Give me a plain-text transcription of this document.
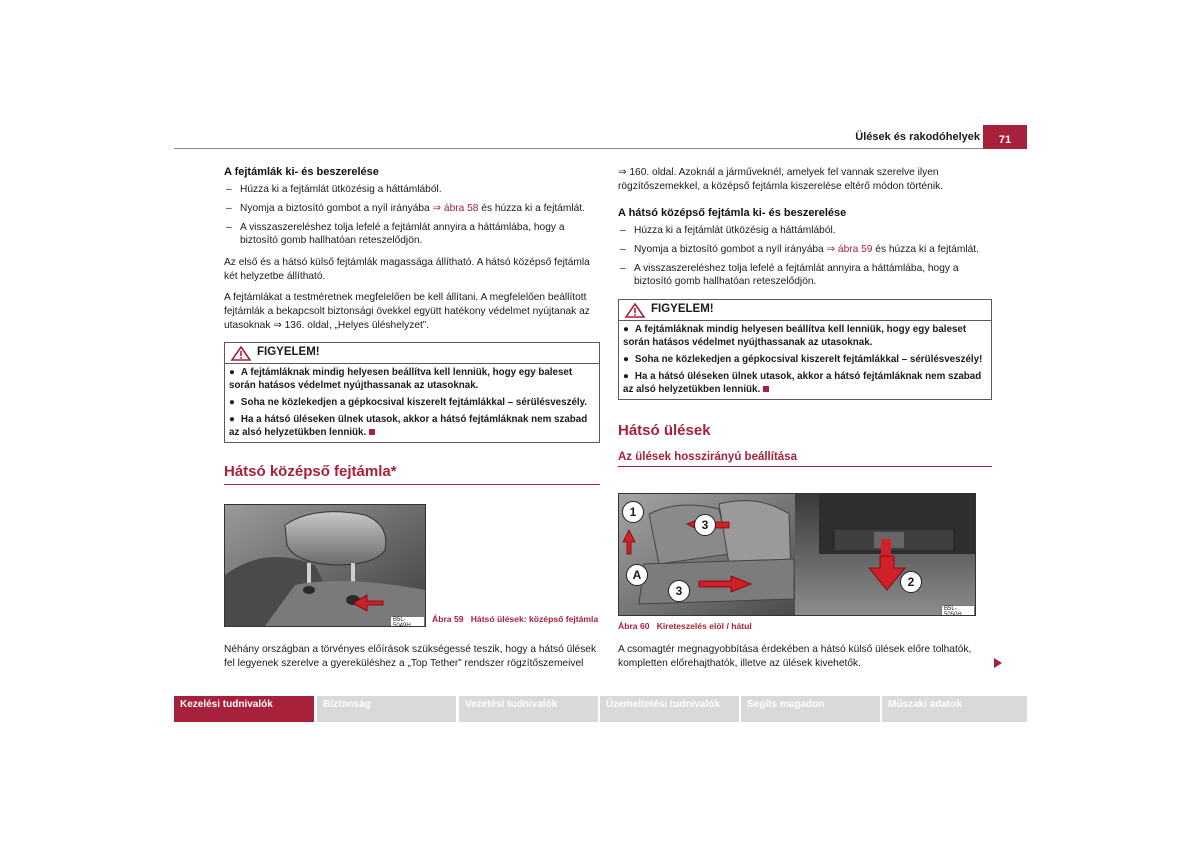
Ülések és rakodóhelyek	71
A fejtámlák ki- és beszerelése
– Húzza ki a fejtámlát ütközésig a háttámlából.
– Nyomja a biztosító gombot a nyíl irányába ⇒ ábra 58 és húzza ki a fejtámlát.
– A visszaszereléshez tolja lefelé a fejtámlát annyira a háttámlába, hogy a biztosító gomb hallhatóan reteszelődjön.

Az első és a hátsó külső fejtámlák magassága állítható. A hátsó középső fejtámla két helyzetbe állítható.

A fejtámlákat a testméretnek megfelelően be kell állítani. A megfelelően beállított fejtámlák a bekapcsolt biztonsági övekkel együtt hatékony védelmet nyújtanak az utasoknak ⇒ 136. oldal, „Helyes üléshelyzet”.

FIGYELEM!

● A fejtámláknak mindig helyesen beállítva kell lenniük, hogy egy baleset során hatásos védelmet nyújthassanak az utasoknak.

● Soha ne közlekedjen a gépkocsival kiszerelt fejtámlákkal – sérülésveszély.

● Ha a hátsó üléseken ülnek utasok, akkor a hátsó fejtámláknak nem szabad az alsó helyzetükben lenniük.

Hátsó középső fejtámla*
B5L-5049H
Ábra 59 Hátsó ülések: középső fejtámla

Néhány országban a törvényes előírások szükségessé teszik, hogy a hátsó ülések fel legyenek szerelve a gyereküléshez a „Top Tether” rendszer rögzítőszemeivel

⇒ 160. oldal. Azoknál a járműveknél, amelyek fel vannak szerelve ilyen rögzítőszemekkel, a középső fejtámla kiszerelése eltérő módon történik.

A hátsó középső fejtámla ki- és beszerelése
– Húzza ki a fejtámlát ütközésig a háttámlából.
– Nyomja a biztosító gombot a nyíl irányába ⇒ ábra 59 és húzza ki a fejtámlát.
– A visszaszereléshez tolja lefelé a fejtámlát annyira a háttámlába, hogy a biztosító gomb hallhatóan reteszelődjön.
FIGYELEM!

● A fejtámláknak mindig helyesen beállítva kell lenniük, hogy egy baleset során hatásos védelmet nyújthassanak az utasoknak.

● Soha ne közlekedjen a gépkocsival kiszerelt fejtámlákkal – sérülésveszély!

● Ha a hátsó üléseken ülnek utasok, akkor a hátsó fejtámláknak nem szabad az alsó helyzetükben lenniük.

Hátsó ülések
Az ülések hosszirányú beállítása
1
2
3
3
A
B5L-5050H
Ábra 60 Kireteszelés elöl / hátul

A csomagtér megnagyobbítása érdekében a hátsó külső ülések előre tolhatók, kompletten előrehajthatók, illetve az ülések kivehetők.

Kezelési tudnivalók	Biztonság	Vezetési tudnivalók	Üzemeltetési tudnivalók	Segíts magadon	Műszaki adatok
